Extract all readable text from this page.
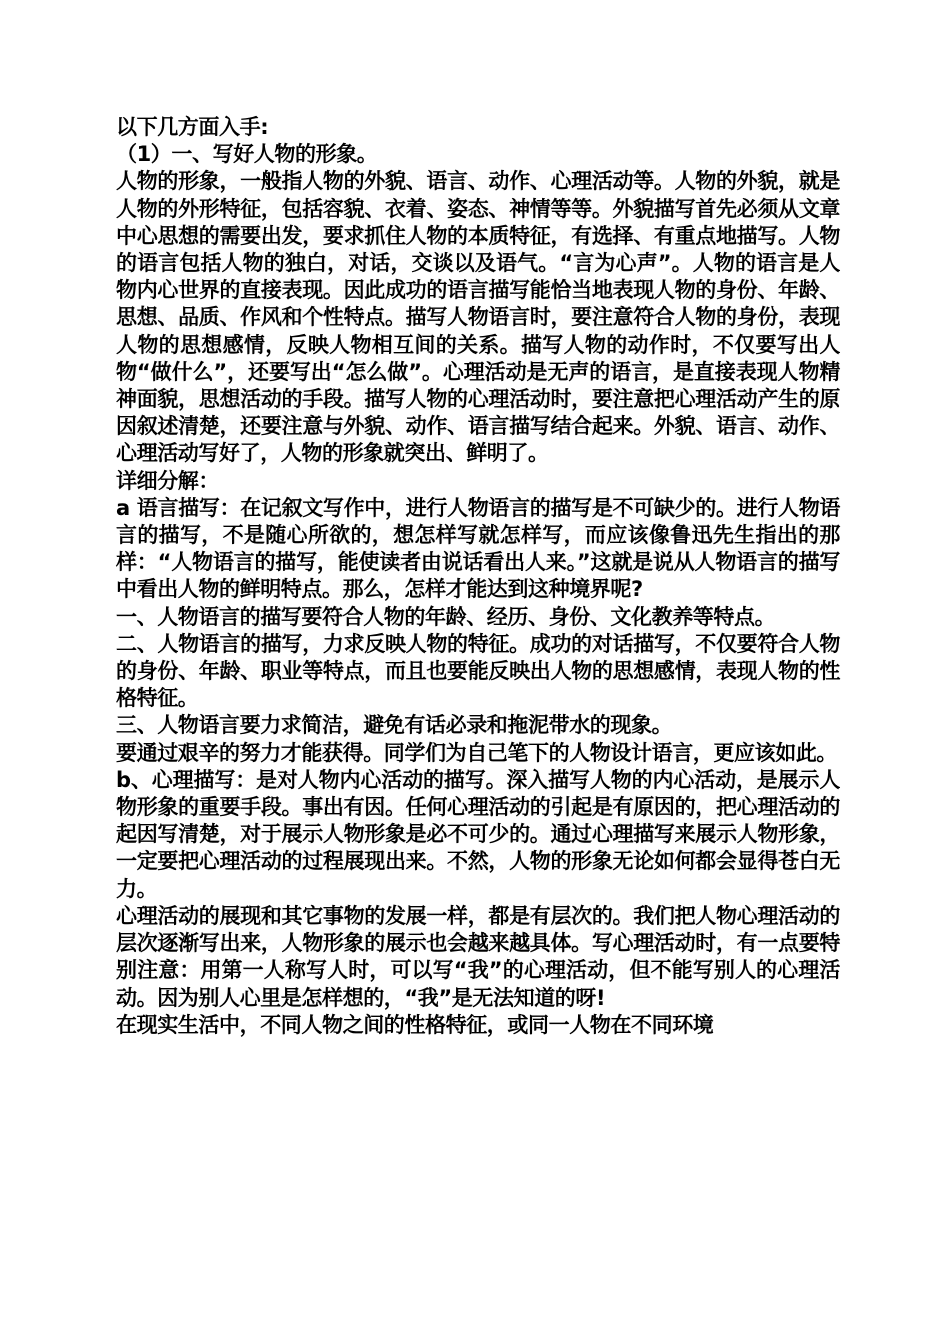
以下几方面入手:

（1）一、写好人物的形象。

人物的形象，一般指人物的外貌、语言、动作、心理活动等。人物的外貌，就是人物的外形特征，包括容貌、衣着、姿态、神情等等。外貌描写首先必须从文章中心思想的需要出发，要求抓住人物的本质特征，有选择、有重点地描写。人物的语言包括人物的独白，对话，交谈以及语气。“言为心声”。人物的语言是人物内心世界的直接表现。因此成功的语言描写能恰当地表现人物的身份、年龄、思想、品质、作风和个性特点。描写人物语言时，要注意符合人物的身份，表现人物的思想感情，反映人物相互间的关系。描写人物的动作时，不仅要写出人物“做什么”，还要写出“怎么做”。心理活动是无声的语言，是直接表现人物精神面貌，思想活动的手段。描写人物的心理活动时，要注意把心理活动产生的原因叙述清楚，还要注意与外貌、动作、语言描写结合起来。外貌、语言、动作、心理活动写好了，人物的形象就突出、鲜明了。

详细分解：

a 语言描写：在记叙文写作中，进行人物语言的描写是不可缺少的。进行人物语言的描写，不是随心所欲的，想怎样写就怎样写，而应该像鲁迅先生指出的那样：“人物语言的描写，能使读者由说话看出人来。”这就是说从人物语言的描写中看出人物的鲜明特点。那么，怎样才能达到这种境界呢?

一、人物语言的描写要符合人物的年龄、经历、身份、文化教养等特点。

二、人物语言的描写，力求反映人物的特征。成功的对话描写，不仅要符合人物的身份、年龄、职业等特点，而且也要能反映出人物的思想感情，表现人物的性格特征。

三、人物语言要力求简洁，避免有话必录和拖泥带水的现象。

要通过艰辛的努力才能获得。同学们为自己笔下的人物设计语言，更应该如此。

b、心理描写：是对人物内心活动的描写。深入描写人物的内心活动，是展示人物形象的重要手段。事出有因。任何心理活动的引起是有原因的，把心理活动的起因写清楚，对于展示人物形象是必不可少的。通过心理描写来展示人物形象，一定要把心理活动的过程展现出来。不然，人物的形象无论如何都会显得苍白无力。

心理活动的展现和其它事物的发展一样，都是有层次的。我们把人物心理活动的层次逐渐写出来，人物形象的展示也会越来越具体。写心理活动时，有一点要特别注意：用第一人称写人时，可以写“我”的心理活动，但不能写别人的心理活动。因为别人心里是怎样想的，“我”是无法知道的呀!

在现实生活中，不同人物之间的性格特征，或同一人物在不同环境
